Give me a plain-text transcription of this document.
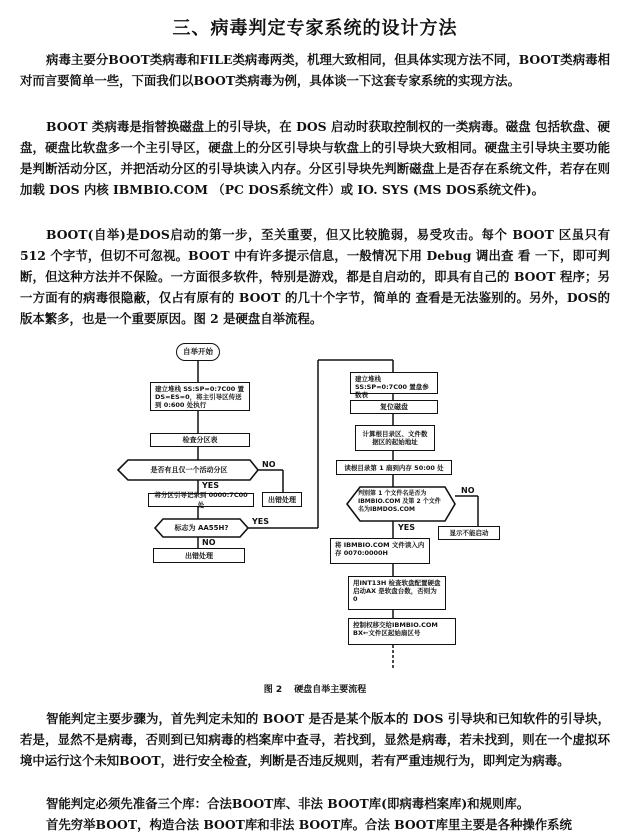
三、病毒判定专家系统的设计方法
病毒主要分BOOT类病毒和FILE类病毒两类，机理大致相同，但具体实现方法不同，BOOT类病毒相对而言要简单一些，下面我们以BOOT类病毒为例，具体谈一下这套专家系统的实现方法。
BOOT 类病毒是指替换磁盘上的引导块，在 DOS 启动时获取控制权的一类病毒。磁盘 包括软盘、硬盘，硬盘比软盘多一个主引导区，硬盘上的分区引导块与软盘上的引导块大致相同。硬盘主引导块主要功能是判断活动分区，并把活动分区的引导块读入内存。分区引导块先判断磁盘上是否存在系统文件，若存在则加载 DOS 内核 IBMBIO.COM （PC DOS系统文件）或 IO. SYS (MS DOS系统文件)。
BOOT(自举)是DOS启动的第一步，至关重要，但又比较脆弱，易受攻击。每个 BOOT 区虽只有 512 个字节，但切不可忽视。BOOT 中有许多提示信息，一般情况下用 Debug 调出查 看 一下，即可判断，但这种方法并不保险。一方面很多软件，特别是游戏，都是自启动的，即具有自己的 BOOT 程序；另一方面有的病毒很隐蔽，仅占有原有的 BOOT 的几十个字节，简单的 查看是无法鉴别的。另外，DOS的版本繁多，也是一个重要原因。图 2 是硬盘自举流程。
自举开始
建立堆栈 SS:SP=0:7C00 置 DS=ES=0，将主引导区传送到 0:600 处执行
检查分区表
是否有且仅一个活动分区
NO
YES
出错处理
将分区引导记录到 0000:7C00 处
标志为 AA55H?
YES
NO
出错处理
建立堆栈SS:SP=0:7C00 置盘参数表
复位磁盘
计算根目录区、文件数据区的起始地址
读根目录第 1 扇到内存 50:00 处
判别第 1 个文件名是否为IBMBIO.COM 及第 2 个文件名为IBMDOS.COM
NO
YES
显示不能启动
将 IBMBIO.COM 文件读入内存 0070:0000H
用INT13H 检查软盘配置硬盘启动AX 是软盘台数，否则为 0
控制权移交给IBMBIO.COM BX←文件区起始扇区号
图 2 硬盘自举主要流程
智能判定主要步骤为，首先判定未知的 BOOT 是否是某个版本的 DOS 引导块和已知软件的引导块，若是，显然不是病毒，否则到已知病毒的档案库中查寻，若找到，显然是病毒，若未找到，则在一个虚拟环境中运行这个未知BOOT，进行安全检查，判断是否违反规则，若有严重违规行为，即判定为病毒。
智能判定必须先准备三个库：合法BOOT库、非法 BOOT库(即病毒档案库)和规则库。
首先穷举BOOT，构造合法 BOOT库和非法 BOOT库。合法 BOOT库里主要是各种操作系统
